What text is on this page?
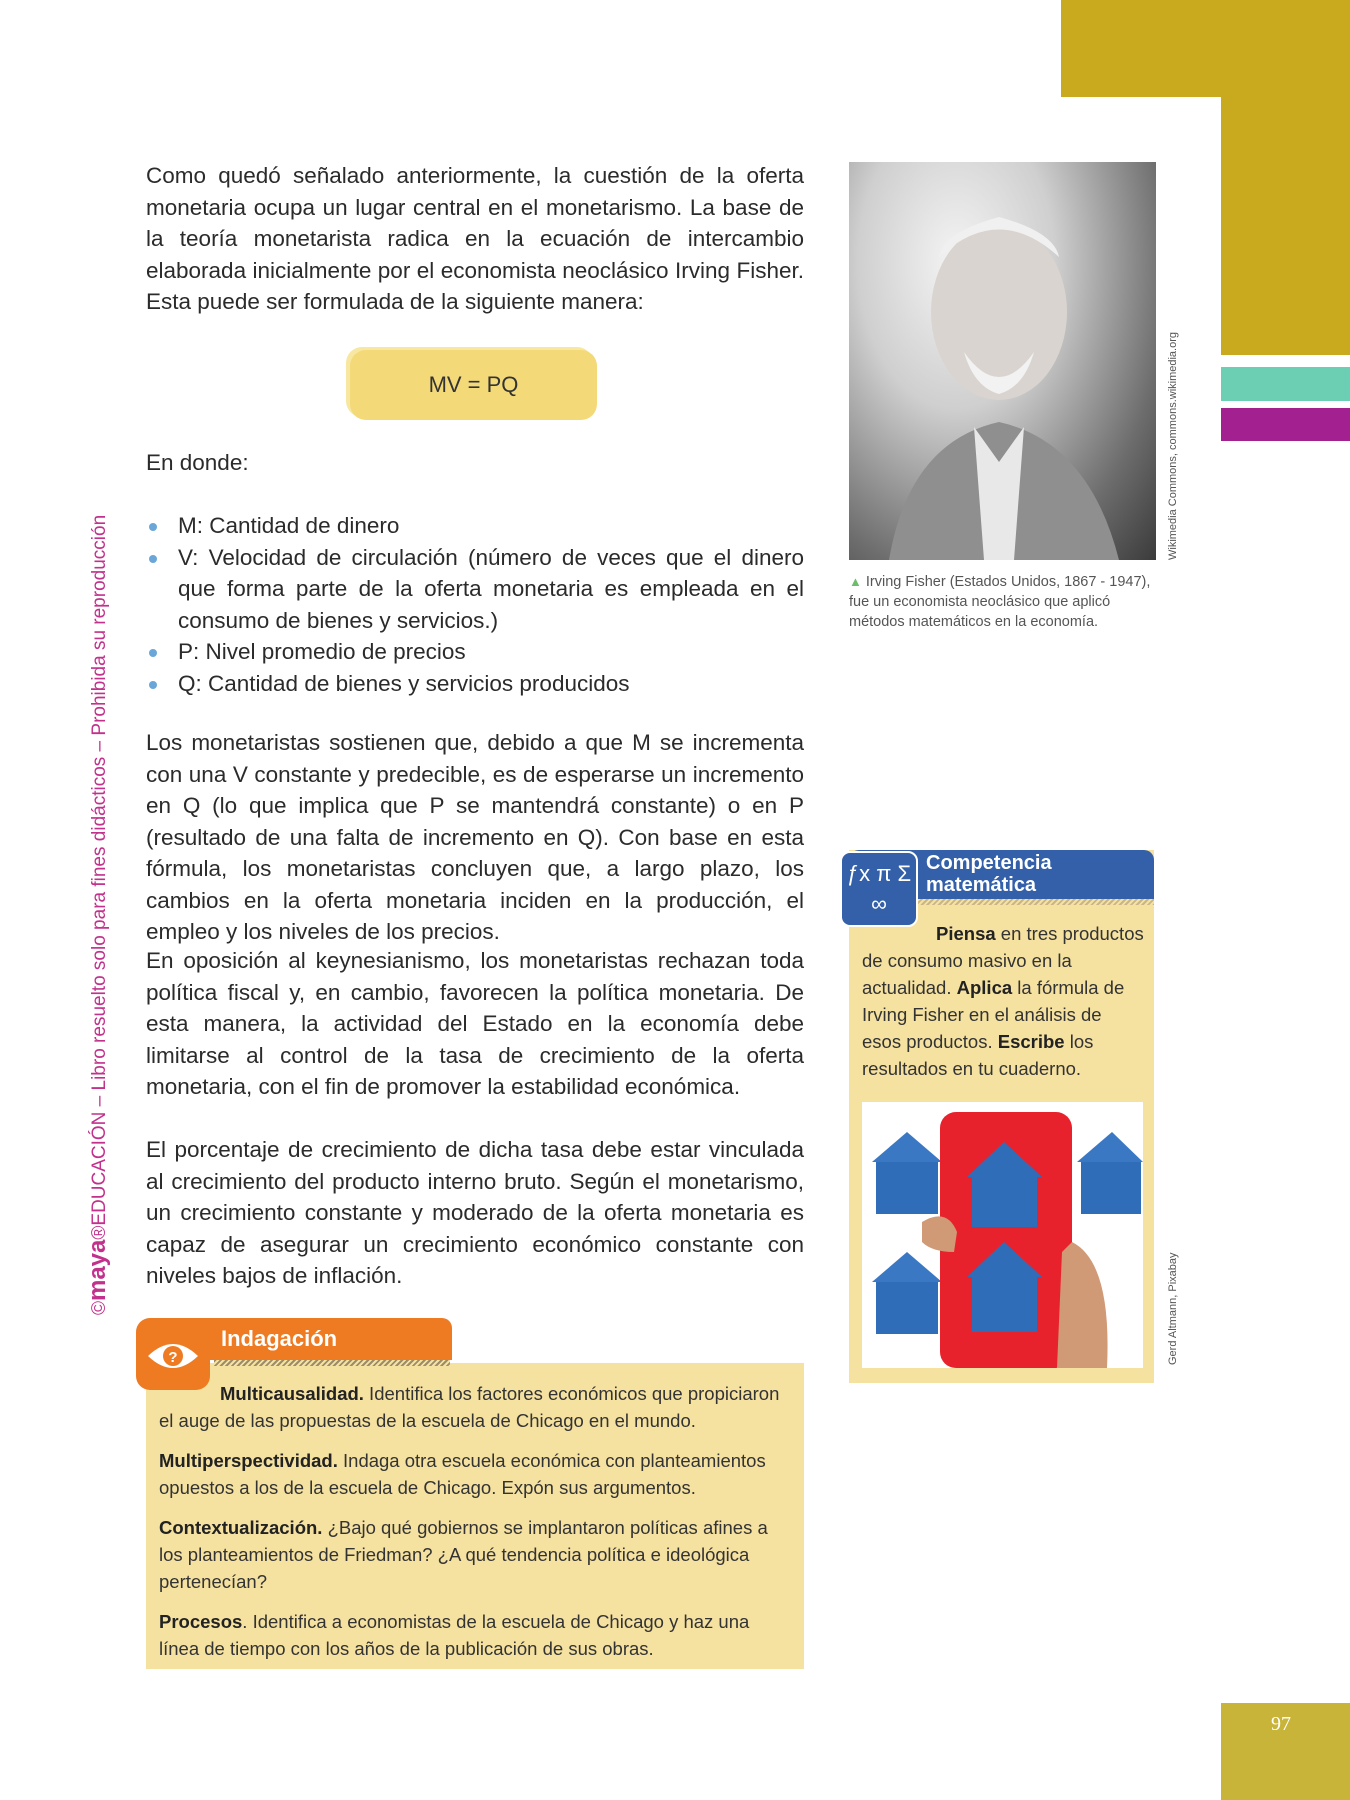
97
©maya®EDUCACIÓN – Libro resuelto solo para fines didácticos – Prohibida su reproducción

Como quedó señalado anteriormente, la cuestión de la oferta monetaria ocupa un lugar central en el monetarismo. La base de la teoría monetarista radica en la ecuación de intercambio elaborada inicialmente por el economista neoclásico Irving Fisher. Esta puede ser formulada de la siguiente manera:

MV = PQ

En donde:

M: Cantidad de dinero
V: Velocidad de circulación (número de veces que el dinero que forma parte de la oferta monetaria es empleada en el consumo de bienes y servicios.)
P: Nivel promedio de precios
Q: Cantidad de bienes y servicios producidos

Los monetaristas sostienen que, debido a que M se incrementa con una V constante y predecible, es de esperarse un incremento en Q (lo que implica que P se mantendrá constante) o en P (resultado de una falta de incremento en Q). Con base en esta fórmula, los monetaristas concluyen que, a largo plazo, los cambios en la oferta monetaria inciden en la producción, el empleo y los niveles de los precios.

En oposición al keynesianismo, los monetaristas rechazan toda política fiscal y, en cambio, favorecen la política monetaria. De esta manera, la actividad del Estado en la economía debe limitarse al control de la tasa de crecimiento de la oferta monetaria, con el fin de promover la estabilidad económica.

El porcentaje de crecimiento de dicha tasa debe estar vinculada al crecimiento del producto interno bruto. Según el monetarismo, un crecimiento constante y moderado de la oferta monetaria es capaz de asegurar un crecimiento económico constante con niveles bajos de inflación.

Wikimedia Commons, commons.wikimedia.org
▲ Irving Fisher (Estados Unidos, 1867 - 1947), fue un economista neoclásico que aplicó métodos matemáticos en la economía.
ƒx π Σ ∞
Competencia matemática

Piensa en tres productos de consumo masivo en la actualidad. Aplica la fórmula de Irving Fisher en el análisis de esos productos. Escribe los resultados en tu cuaderno.

Gerd Altmann, Pixabay
?
Indagación

Multicausalidad. Identifica los factores económicos que propiciaron el auge de las propuestas de la escuela de Chicago en el mundo.

Multiperspectividad. Indaga otra escuela económica con planteamientos opuestos a los de la escuela de Chicago. Expón sus argumentos.

Contextualización. ¿Bajo qué gobiernos se implantaron políticas afines a los planteamientos de Friedman? ¿A qué tendencia política e ideológica pertenecían?

Procesos. Identifica a economistas de la escuela de Chicago y haz una línea de tiempo con los años de la publicación de sus obras.
